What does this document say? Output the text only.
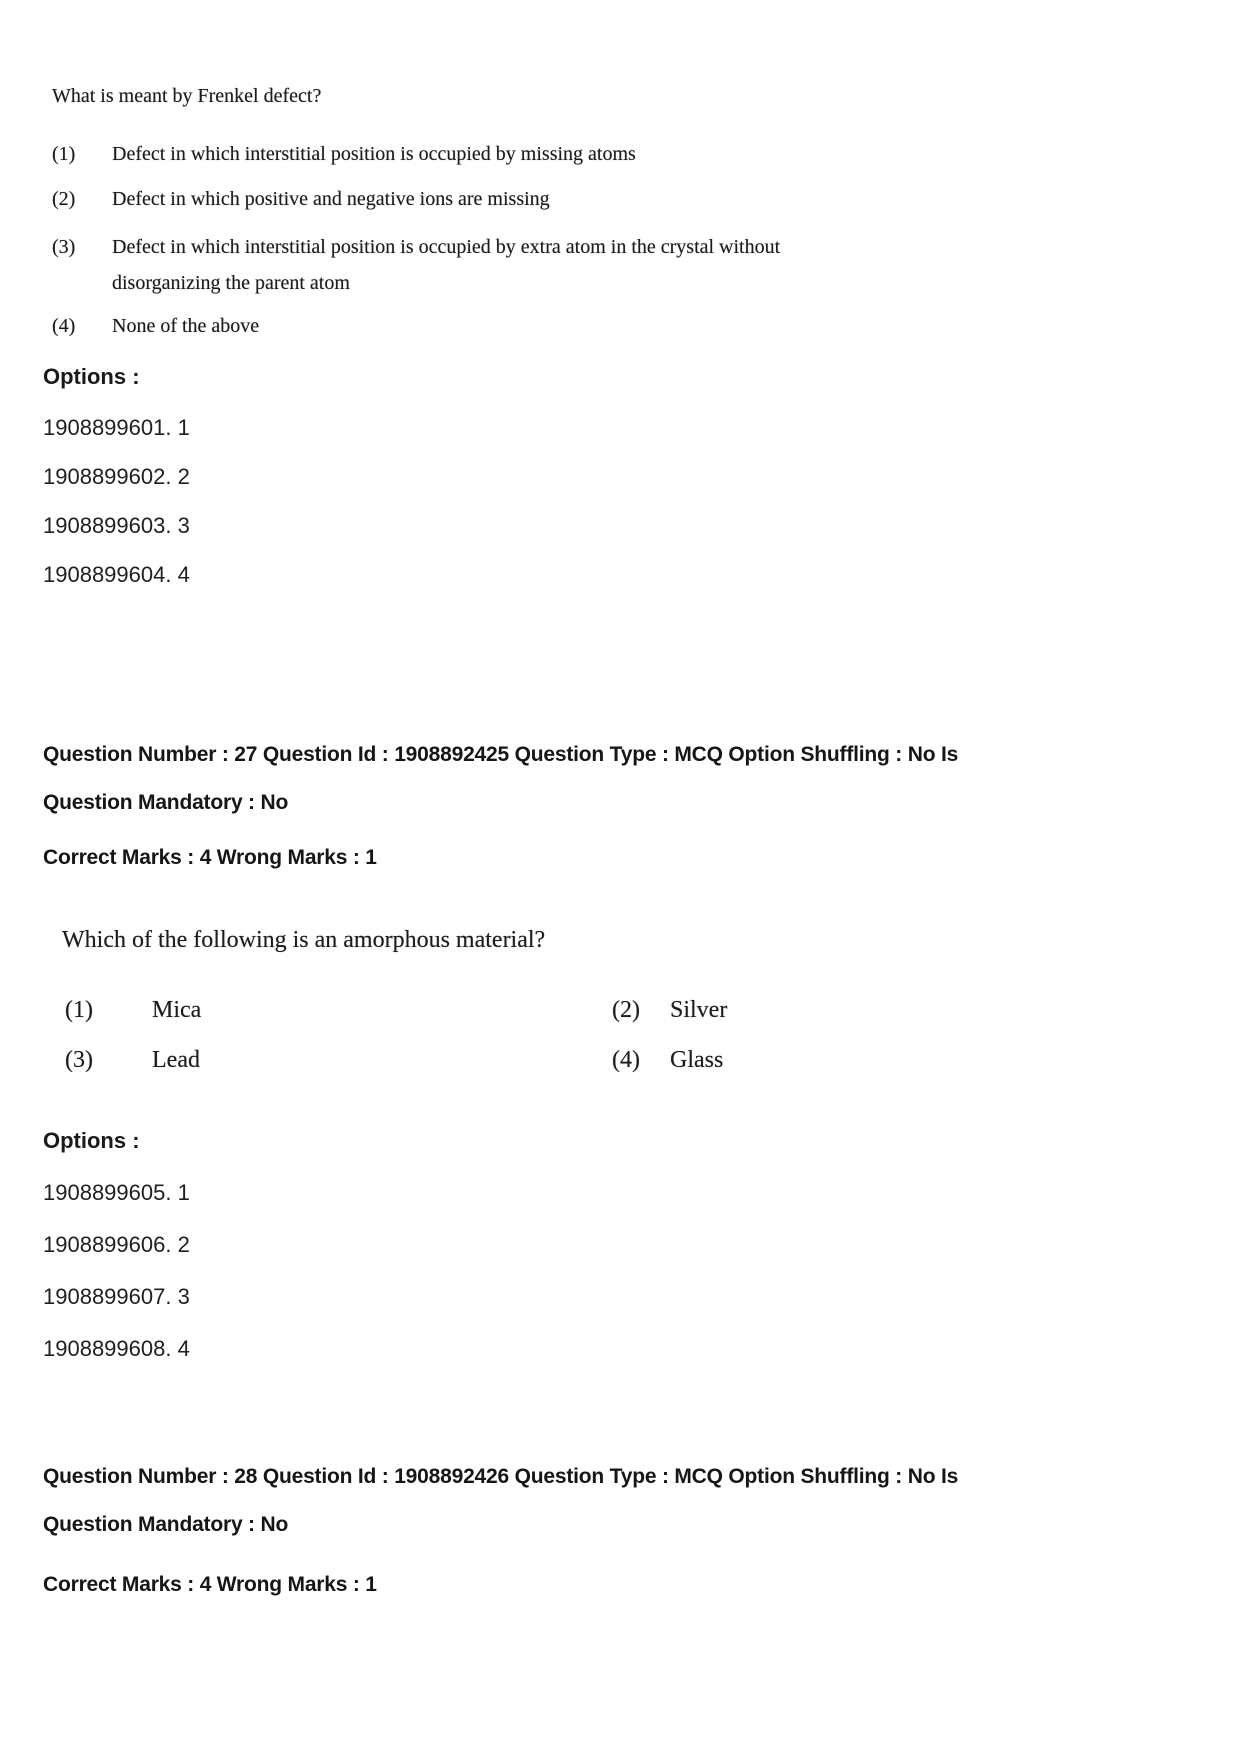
What is meant by Frenkel defect?
(1)	Defect in which interstitial position is occupied by missing atoms
(2)	Defect in which positive and negative ions are missing
(3)	Defect in which interstitial position is occupied by extra atom in the crystal without disorganizing the parent atom
(4)	None of the above
Options :
1908899601. 1
1908899602. 2
1908899603. 3
1908899604. 4
Question Number : 27 Question Id : 1908892425 Question Type : MCQ Option Shuffling : No Is
Question Mandatory : No
Correct Marks : 4 Wrong Marks : 1
Which of the following is an amorphous material?
(1)	Mica	(2)	Silver
(3)	Lead	(4)	Glass
Options :
1908899605. 1
1908899606. 2
1908899607. 3
1908899608. 4
Question Number : 28 Question Id : 1908892426 Question Type : MCQ Option Shuffling : No Is
Question Mandatory : No
Correct Marks : 4 Wrong Marks : 1
